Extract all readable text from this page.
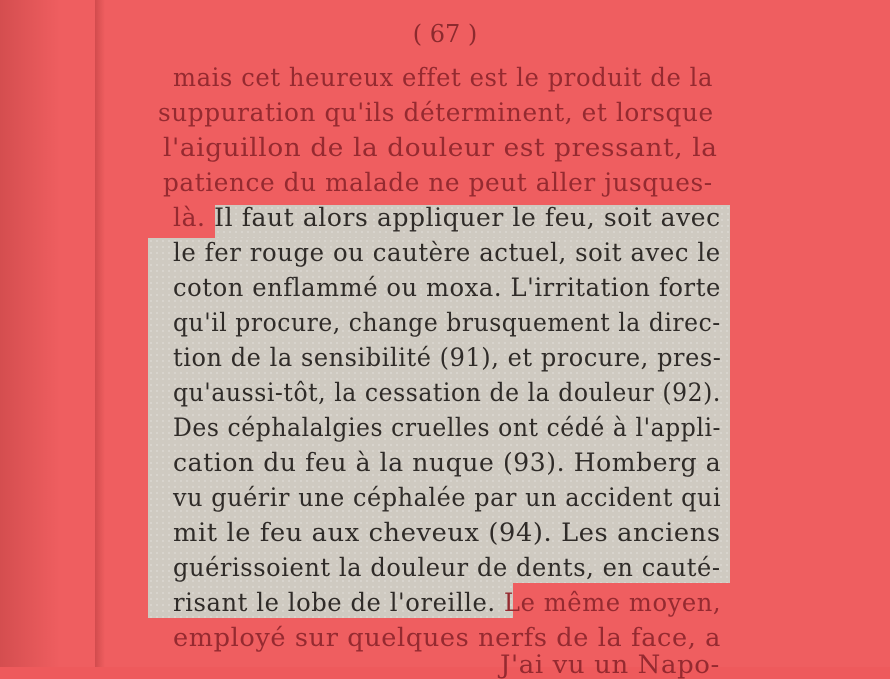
( 67 )
mais cet heureux effet est le produit de la
suppuration qu'ils déterminent, et lorsque
l'aiguillon de la douleur est pressant, la
patience du malade ne peut aller jusques-
là. Il faut alors appliquer le feu, soit avec
le fer rouge ou cautère actuel, soit avec le
coton enflammé ou moxa. L'irritation forte
qu'il procure, change brusquement la direc-
tion de la sensibilité (91), et procure, pres-
qu'aussi-tôt, la cessation de la douleur (92).
Des céphalalgies cruelles ont cédé à l'appli-
cation du feu à la nuque (93). Homberg a
vu guérir une céphalée par un accident qui
mit le feu aux cheveux (94). Les anciens
guérissoient la douleur de dents, en cauté-
risant le lobe de l'oreille. Le même moyen,
employé sur quelques nerfs de la face, a
J'ai vu un Napo-
